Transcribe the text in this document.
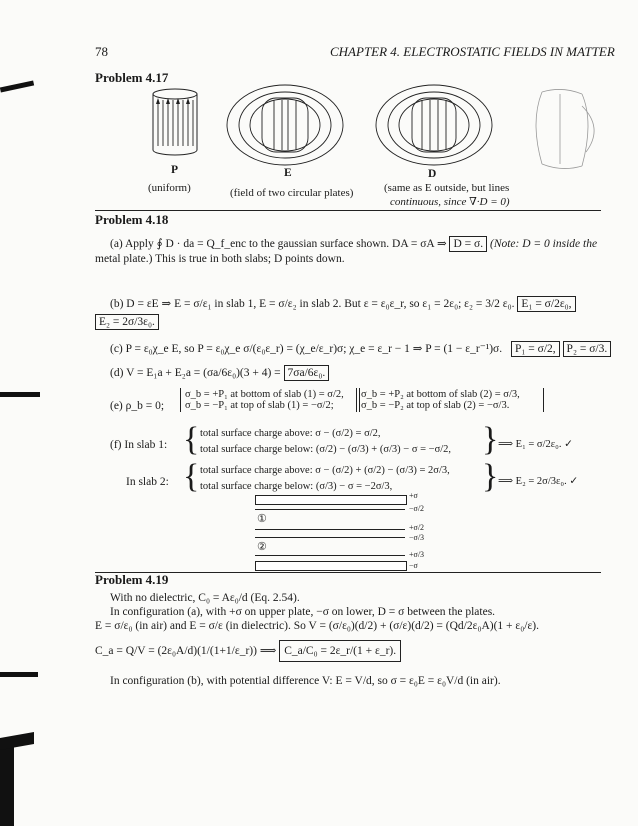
78	CHAPTER 4. ELECTROSTATIC FIELDS IN MATTER
Problem 4.17
P
(uniform)
E
(field of two circular plates)
D
(same as E outside, but lines
continuous, since ∇·D = 0)
Problem 4.18
(a) Apply ∮ D · da = Q_f_enc to the gaussian surface shown. DA = σA ⇒ D = σ. (Note: D = 0 inside the
metal plate.) This is true in both slabs; D points down.
(b) D = εE ⇒ E = σ/ε₁ in slab 1, E = σ/ε₂ in slab 2. But ε = ε₀ε_r, so ε₁ = 2ε₀; ε₂ = 3/2 ε₀. E₁ = σ/2ε₀,
E₂ = 2σ/3ε₀.
(c) P = ε₀χ_e E, so P = ε₀χ_e σ/(ε₀ε_r) = (χ_e/ε_r)σ; χ_e = ε_r − 1 ⇒ P = (1 − ε_r⁻¹)σ. P₁ = σ/2, P₂ = σ/3.
(d) V = E₁a + E₂a = (σa/6ε₀)(3 + 4) = 7σa/6ε₀.
(e) ρ_b = 0;
σ_b = +P₁ at bottom of slab (1) = σ/2,
σ_b = −P₁ at top of slab (1) = −σ/2;
σ_b = +P₂ at bottom of slab (2) = σ/3,
σ_b = −P₂ at top of slab (2) = −σ/3.
(f) In slab 1: { total surface charge above: σ − (σ/2) = σ/2,
total surface charge below: (σ/2) − (σ/3) + (σ/3) − σ = −σ/2, } ⟹ E₁ = σ/2ε₀. ✓
In slab 2: { total surface charge above: σ − (σ/2) + (σ/2) − (σ/3) = 2σ/3,
total surface charge below: (σ/3) − σ = −2σ/3,	} ⟹ E₂ = 2σ/3ε₀. ✓
+σ
−σ/2
+σ/2
−σ/3
+σ/3
−σ
①
②
Problem 4.19
With no dielectric, C₀ = Aε₀/d (Eq. 2.54).
In configuration (a), with +σ on upper plate, −σ on lower, D = σ between the plates.
E = σ/ε₀ (in air) and E = σ/ε (in dielectric). So V = (σ/ε₀)(d/2) + (σ/ε)(d/2) = (Qd/2ε₀A)(1 + ε₀/ε).
C_a = Q/V = (2ε₀A/d)(1/(1+1/ε_r)) ⟹ C_a/C₀ = 2ε_r/(1 + ε_r).
In configuration (b), with potential difference V: E = V/d, so σ = ε₀E = ε₀V/d (in air).
